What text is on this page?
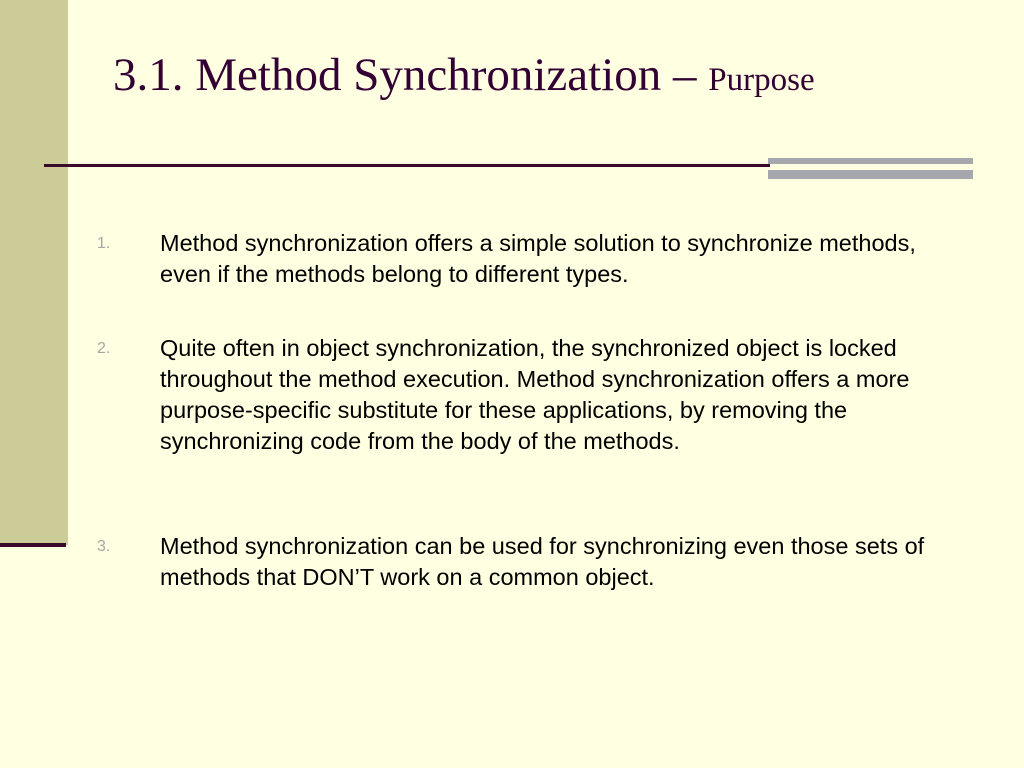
3.1. Method Synchronization – Purpose
1. Method synchronization offers a simple solution to synchronize methods, even if the methods belong to different types.
2. Quite often in object synchronization, the synchronized object is locked throughout the method execution. Method synchronization offers a more purpose-specific substitute for these applications, by removing the synchronizing code from the body of the methods.
3. Method synchronization can be used for synchronizing even those sets of methods that DON’T work on a common object.
